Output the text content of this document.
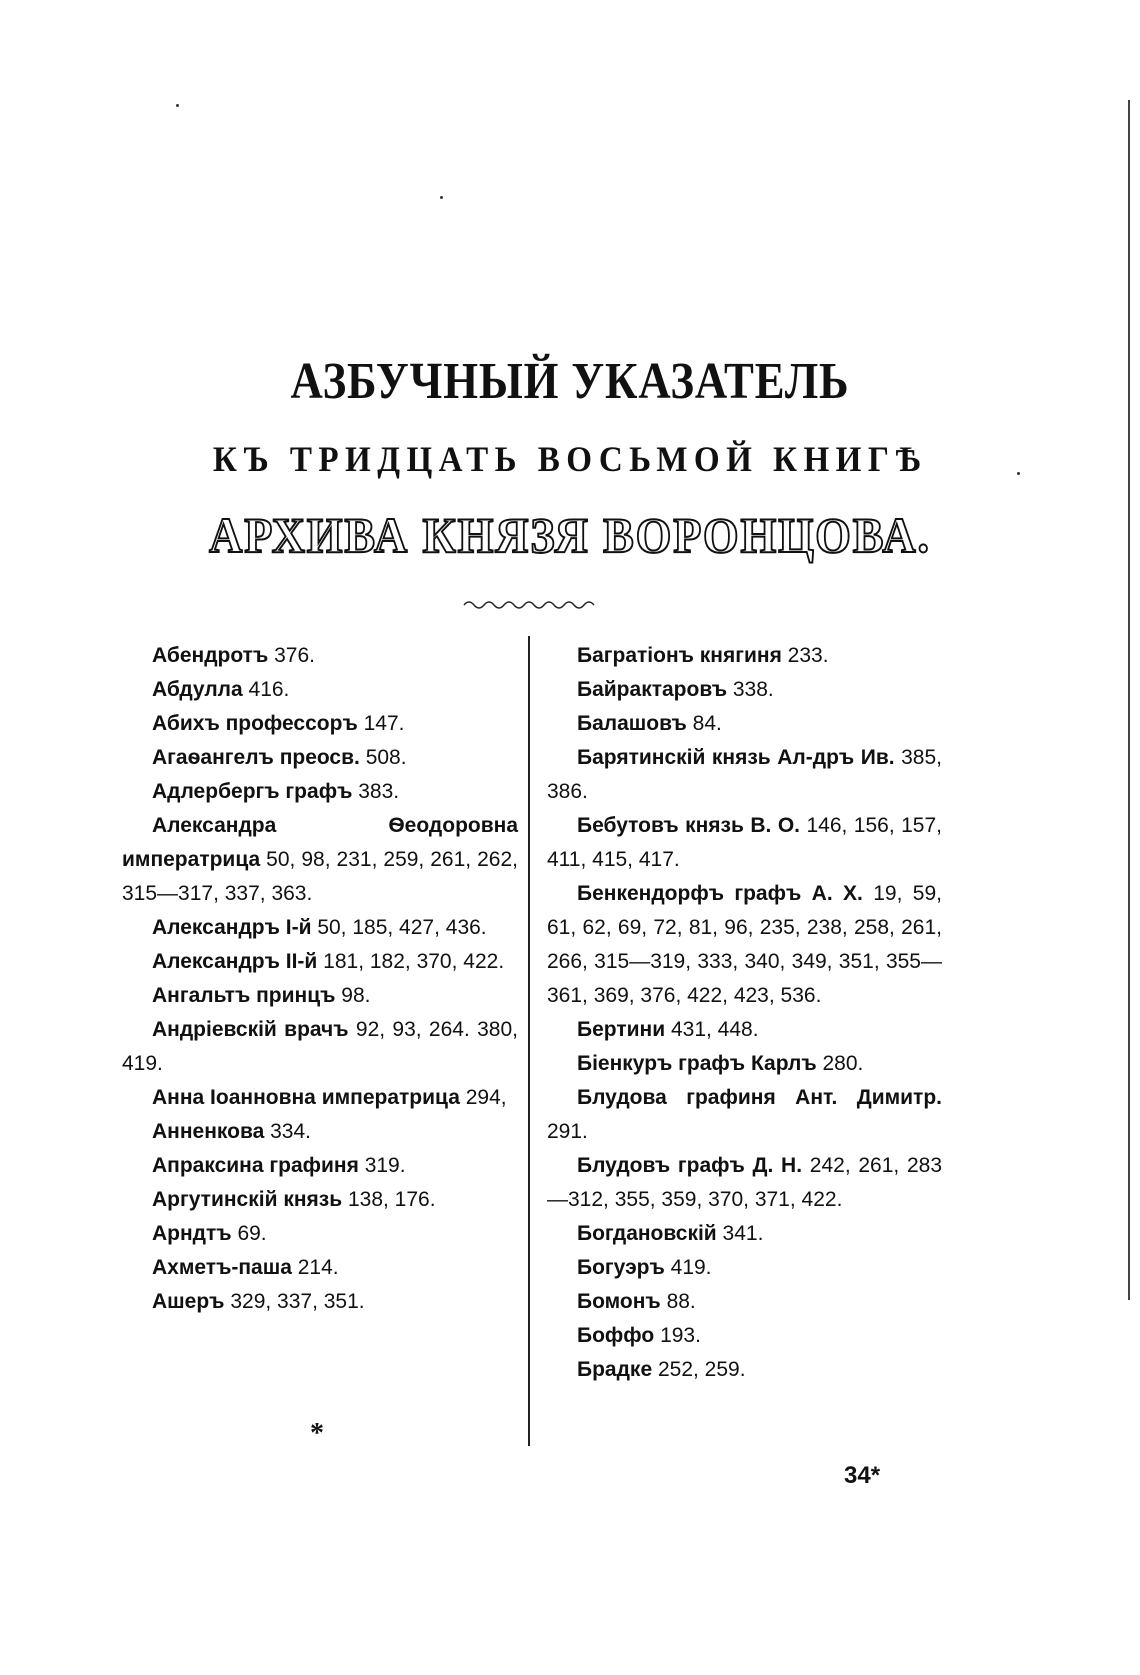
АЗБУЧНЫЙ УКАЗАТЕЛЬ
КЪ ТРИДЦАТЬ ВОСЬМОЙ КНИГѢ
АРХИВА КНЯЗЯ ВОРОНЦОВА.

Абендротъ 376.

Абдулла 416.

Абихъ профессоръ 147.

Агаѳангелъ преосв. 508.

Адлербергъ графъ 383.

Александра Ѳеодоровна императрица 50, 98, 231, 259, 261, 262, 315—317, 337, 363.

Александръ I-й 50, 185, 427, 436.

Александръ II-й 181, 182, 370, 422.

Ангальтъ принцъ 98.

Андріевскій врачъ 92, 93, 264. 380, 419.

Анна Іоанновна императрица 294,

Анненкова 334.

Апраксина графиня 319.

Аргутинскій князь 138, 176.

Арндтъ 69.

Ахметъ-паша 214.

Ашеръ 329, 337, 351.

Багратіонъ княгиня 233.

Байрактаровъ 338.

Балашовъ 84.

Барятинскій князь Ал-дръ Ив. 385, 386.

Бебутовъ князь В. О. 146, 156, 157, 411, 415, 417.

Бенкендорфъ графъ А. Х. 19, 59, 61, 62, 69, 72, 81, 96, 235, 238, 258, 261, 266, 315—319, 333, 340, 349, 351, 355—361, 369, 376, 422, 423, 536.

Бертини 431, 448.

Біенкуръ графъ Карлъ 280.

Блудова графиня Ант. Димитр. 291.

Блудовъ графъ Д. Н. 242, 261, 283—312, 355, 359, 370, 371, 422.

Богдановскій 341.

Богуэръ 419.

Бомонъ 88.

Боффо 193.

Брадке 252, 259.

*
34*
